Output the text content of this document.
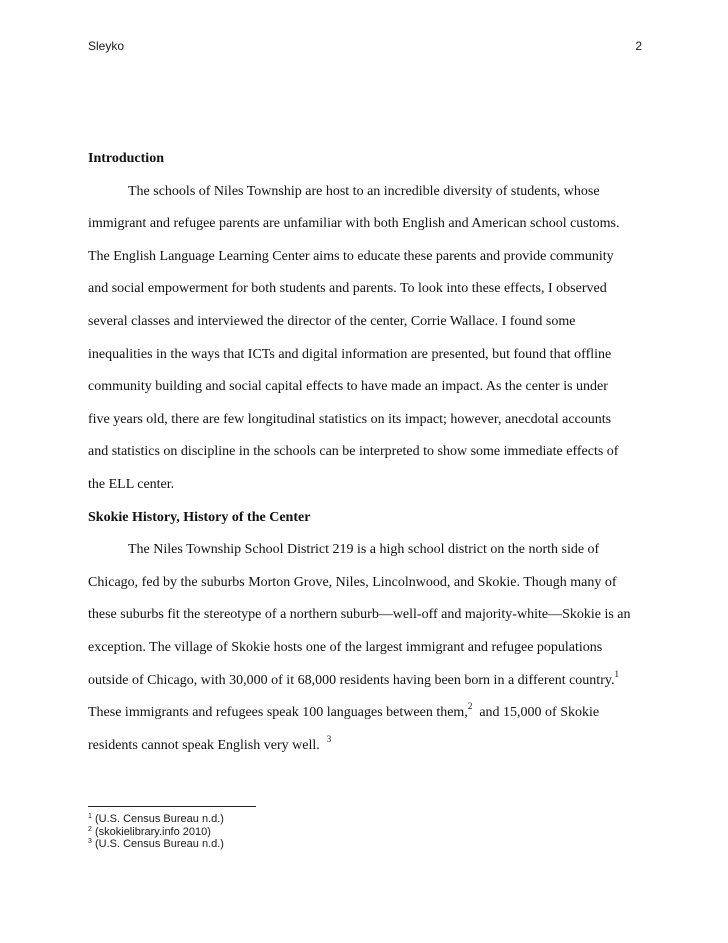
Sleyko	2
Introduction
The schools of Niles Township are host to an incredible diversity of students, whose
immigrant and refugee parents are unfamiliar with both English and American school customs.
The English Language Learning Center aims to educate these parents and provide community
and social empowerment for both students and parents. To look into these effects, I observed
several classes and interviewed the director of the center, Corrie Wallace. I found some
inequalities in the ways that ICTs and digital information are presented, but found that offline
community building and social capital effects to have made an impact. As the center is under
five years old, there are few longitudinal statistics on its impact; however, anecdotal accounts
and statistics on discipline in the schools can be interpreted to show some immediate effects of
the ELL center.
Skokie History, History of the Center
The Niles Township School District 219 is a high school district on the north side of
Chicago, fed by the suburbs Morton Grove, Niles, Lincolnwood, and Skokie. Though many of
these suburbs fit the stereotype of a northern suburb—well-off and majority-white—Skokie is an
exception. The village of Skokie hosts one of the largest immigrant and refugee populations
outside of Chicago, with 30,000 of it 68,000 residents having been born in a different country.$^1$
These immigrants and refugees speak 100 languages between them,$^2$ and 15,000 of Skokie
residents cannot speak English very well. $^3$
$^1$ (U.S. Census Bureau n.d.)
$^2$ (skokielibrary.info 2010)
$^3$ (U.S. Census Bureau n.d.)
